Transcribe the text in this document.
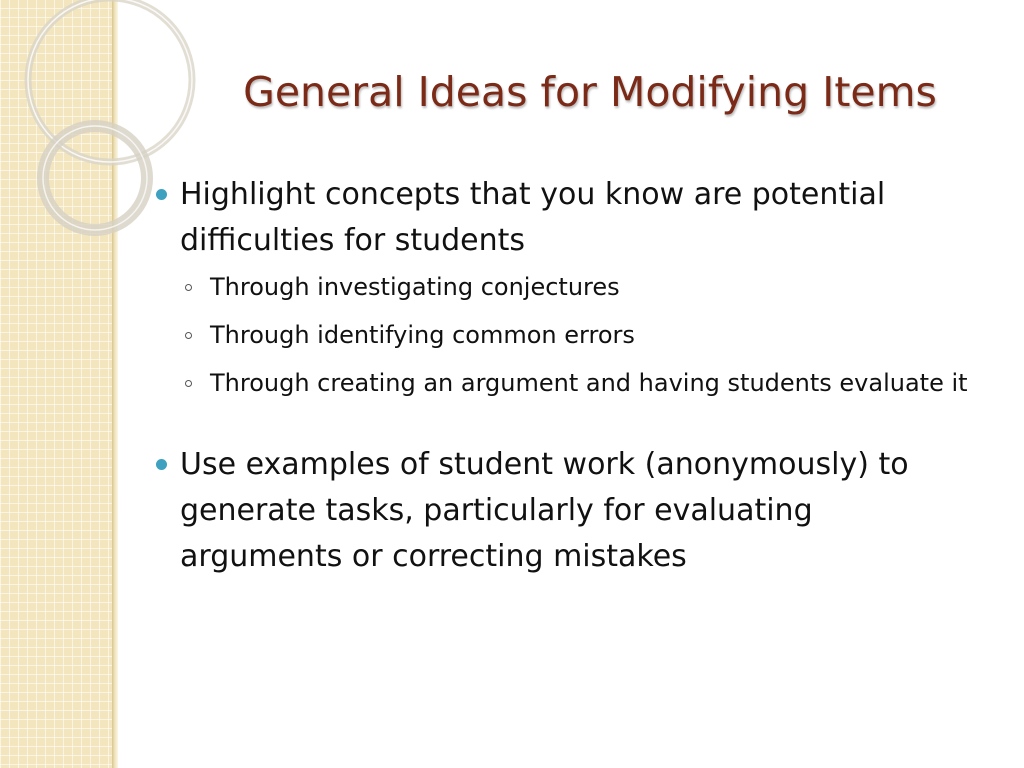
General Ideas for Modifying Items
Highlight concepts that you know are potential difficulties for students
Through investigating conjectures
Through identifying common errors
Through creating an argument and having students evaluate it
Use examples of student work (anonymously) to generate tasks, particularly for evaluating arguments or correcting mistakes
